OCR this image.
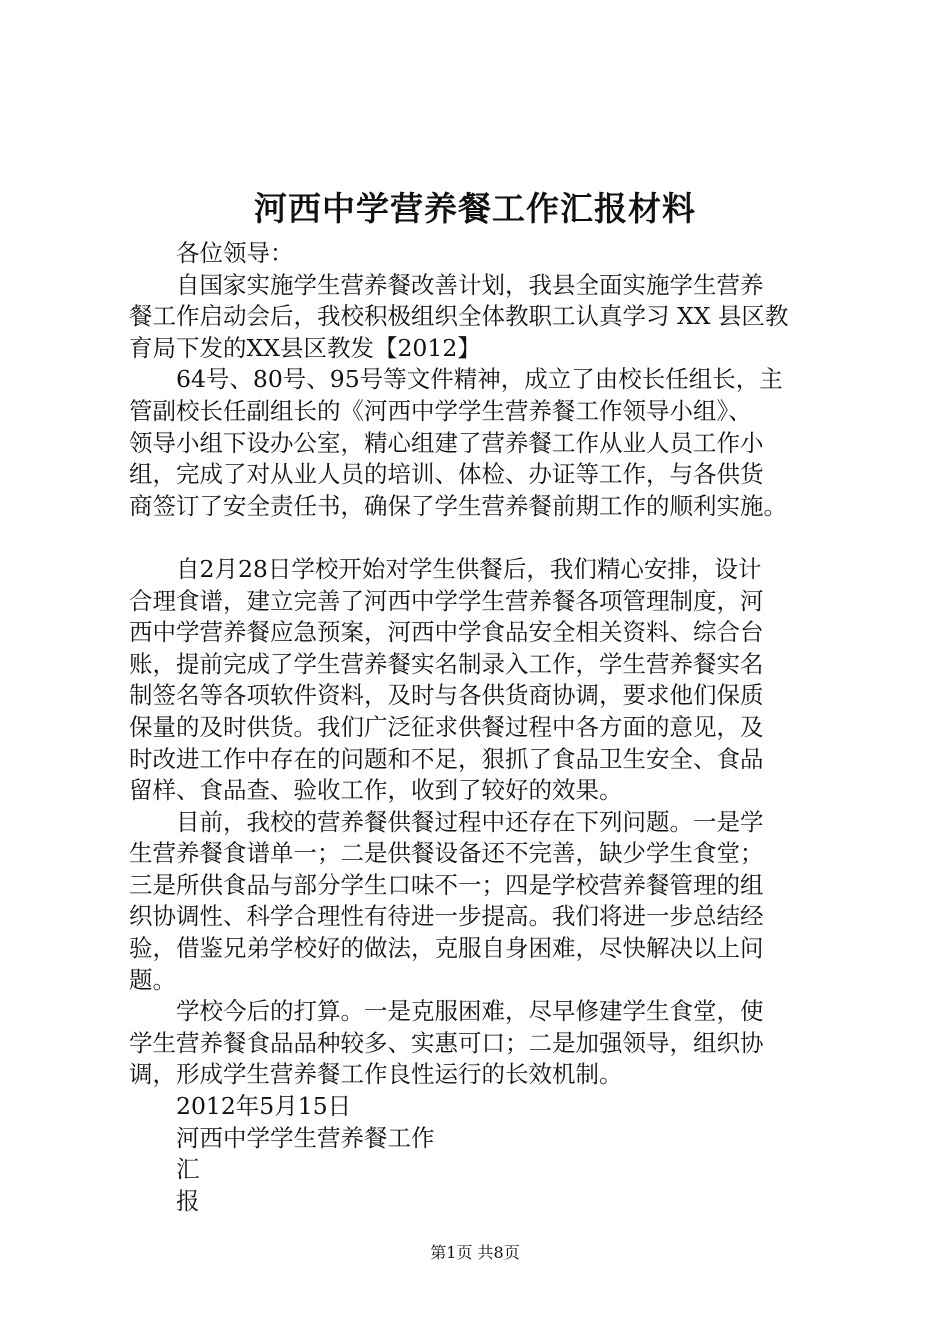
河西中学营养餐工作汇报材料
各位领导：
自国家实施学生营养餐改善计划，我县全面实施学生营养
餐工作启动会后，我校积极组织全体教职工认真学习 XX 县区教
育局下发的XX县区教发【2012】
64号、80号、95号等文件精神，成立了由校长任组长，主
管副校长任副组长的《河西中学学生营养餐工作领导小组》、
领导小组下设办公室，精心组建了营养餐工作从业人员工作小
组，完成了对从业人员的培训、体检、办证等工作，与各供货
商签订了安全责任书，确保了学生营养餐前期工作的顺利实施。
自2月28日学校开始对学生供餐后，我们精心安排，设计
合理食谱，建立完善了河西中学学生营养餐各项管理制度，河
西中学营养餐应急预案，河西中学食品安全相关资料、综合台
账，提前完成了学生营养餐实名制录入工作，学生营养餐实名
制签名等各项软件资料，及时与各供货商协调，要求他们保质
保量的及时供货。我们广泛征求供餐过程中各方面的意见，及
时改进工作中存在的问题和不足，狠抓了食品卫生安全、食品
留样、食品查、验收工作，收到了较好的效果。
目前，我校的营养餐供餐过程中还存在下列问题。一是学
生营养餐食谱单一；二是供餐设备还不完善，缺少学生食堂；
三是所供食品与部分学生口味不一；四是学校营养餐管理的组
织协调性、科学合理性有待进一步提高。我们将进一步总结经
验，借鉴兄弟学校好的做法，克服自身困难，尽快解决以上问
题。
学校今后的打算。一是克服困难，尽早修建学生食堂，使
学生营养餐食品品种较多、实惠可口；二是加强领导，组织协
调，形成学生营养餐工作良性运行的长效机制。
2012年5月15日
河西中学学生营养餐工作
汇
报
第1页 共8页
